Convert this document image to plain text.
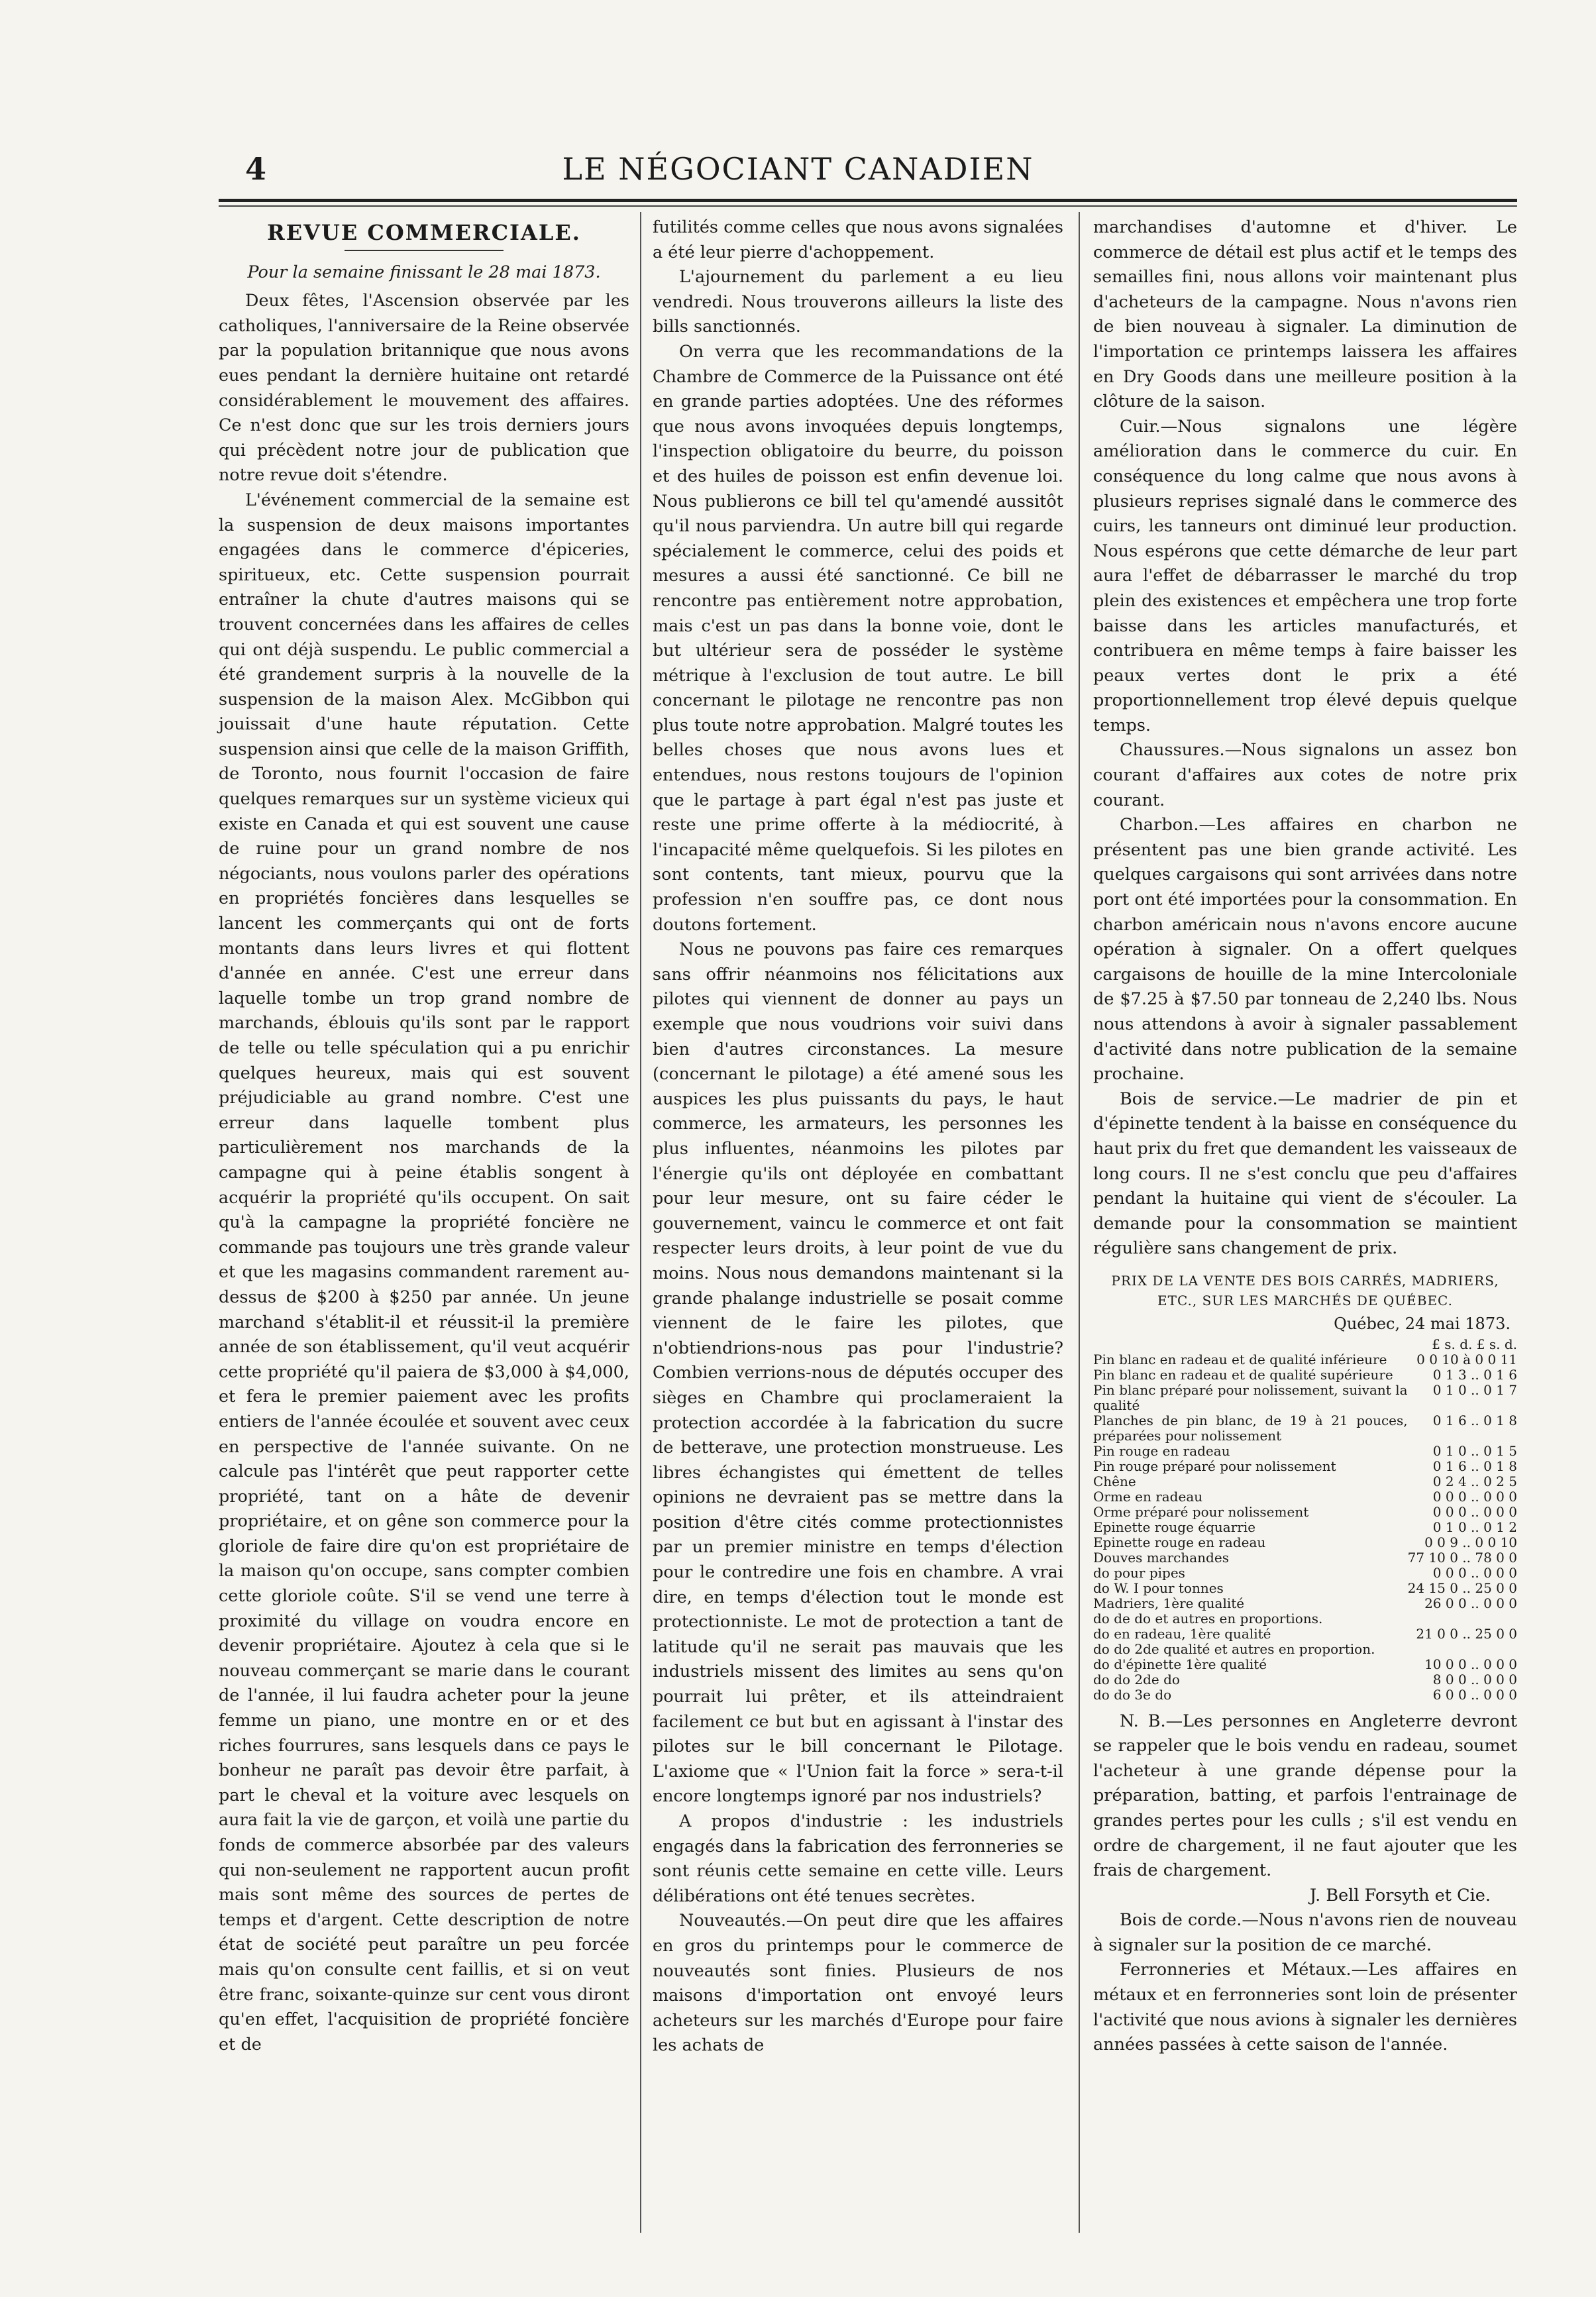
4	LE NÉGOCIANT CANADIEN
REVUE COMMERCIALE.
Pour la semaine finissant le 28 mai 1873.

Deux fêtes, l'Ascension observée par les catholiques, l'anniversaire de la Reine observée par la population britannique que nous avons eues pendant la dernière huitaine ont retardé considérablement le mouvement des affaires. Ce n'est donc que sur les trois derniers jours qui précèdent notre jour de publication que notre revue doit s'étendre.

L'événement commercial de la semaine est la suspension de deux maisons importantes engagées dans le commerce d'épiceries, spiritueux, etc. Cette suspension pourrait entraîner la chute d'autres maisons qui se trouvent concernées dans les affaires de celles qui ont déjà suspendu. Le public commercial a été grandement surpris à la nouvelle de la suspension de la maison Alex. McGibbon qui jouissait d'une haute réputation. Cette suspension ainsi que celle de la maison Griffith, de Toronto, nous fournit l'occasion de faire quelques remarques sur un système vicieux qui existe en Canada et qui est souvent une cause de ruine pour un grand nombre de nos négociants, nous voulons parler des opérations en propriétés foncières dans lesquelles se lancent les commerçants qui ont de forts montants dans leurs livres et qui flottent d'année en année. C'est une erreur dans laquelle tombe un trop grand nombre de marchands, éblouis qu'ils sont par le rapport de telle ou telle spéculation qui a pu enrichir quelques heureux, mais qui est souvent préjudiciable au grand nombre. C'est une erreur dans laquelle tombent plus particulièrement nos marchands de la campagne qui à peine établis songent à acquérir la propriété qu'ils occupent. On sait qu'à la campagne la propriété foncière ne commande pas toujours une très grande valeur et que les magasins commandent rarement au-dessus de $200 à $250 par année. Un jeune marchand s'établit-il et réussit-il la première année de son établissement, qu'il veut acquérir cette propriété qu'il paiera de $3,000 à $4,000, et fera le premier paiement avec les profits entiers de l'année écoulée et souvent avec ceux en perspective de l'année suivante. On ne calcule pas l'intérêt que peut rapporter cette propriété, tant on a hâte de devenir propriétaire, et on gêne son commerce pour la gloriole de faire dire qu'on est propriétaire de la maison qu'on occupe, sans compter combien cette gloriole coûte. S'il se vend une terre à proximité du village on voudra encore en devenir propriétaire. Ajoutez à cela que si le nouveau commerçant se marie dans le courant de l'année, il lui faudra acheter pour la jeune femme un piano, une montre en or et des riches fourrures, sans lesquels dans ce pays le bonheur ne paraît pas devoir être parfait, à part le cheval et la voiture avec lesquels on aura fait la vie de garçon, et voilà une partie du fonds de commerce absorbée par des valeurs qui non-seulement ne rapportent aucun profit mais sont même des sources de pertes de temps et d'argent. Cette description de notre état de société peut paraître un peu forcée mais qu'on consulte cent faillis, et si on veut être franc, soixante-quinze sur cent vous diront qu'en effet, l'acquisition de propriété foncière et de

futilités comme celles que nous avons signalées a été leur pierre d'achoppement.

L'ajournement du parlement a eu lieu vendredi. Nous trouverons ailleurs la liste des bills sanctionnés.

On verra que les recommandations de la Chambre de Commerce de la Puissance ont été en grande parties adoptées. Une des réformes que nous avons invoquées depuis longtemps, l'inspection obligatoire du beurre, du poisson et des huiles de poisson est enfin devenue loi. Nous publierons ce bill tel qu'amendé aussitôt qu'il nous parviendra. Un autre bill qui regarde spécialement le commerce, celui des poids et mesures a aussi été sanctionné. Ce bill ne rencontre pas entièrement notre approbation, mais c'est un pas dans la bonne voie, dont le but ultérieur sera de posséder le système métrique à l'exclusion de tout autre. Le bill concernant le pilotage ne rencontre pas non plus toute notre approbation. Malgré toutes les belles choses que nous avons lues et entendues, nous restons toujours de l'opinion que le partage à part égal n'est pas juste et reste une prime offerte à la médiocrité, à l'incapacité même quelquefois. Si les pilotes en sont contents, tant mieux, pourvu que la profession n'en souffre pas, ce dont nous doutons fortement.

Nous ne pouvons pas faire ces remarques sans offrir néanmoins nos félicitations aux pilotes qui viennent de donner au pays un exemple que nous voudrions voir suivi dans bien d'autres circonstances. La mesure (concernant le pilotage) a été amené sous les auspices les plus puissants du pays, le haut commerce, les armateurs, les personnes les plus influentes, néanmoins les pilotes par l'énergie qu'ils ont déployée en combattant pour leur mesure, ont su faire céder le gouvernement, vaincu le commerce et ont fait respecter leurs droits, à leur point de vue du moins. Nous nous demandons maintenant si la grande phalange industrielle se posait comme viennent de le faire les pilotes, que n'obtiendrions-nous pas pour l'industrie? Combien verrions-nous de députés occuper des sièges en Chambre qui proclameraient la protection accordée à la fabrication du sucre de betterave, une protection monstrueuse. Les libres échangistes qui émettent de telles opinions ne devraient pas se mettre dans la position d'être cités comme protectionnistes par un premier ministre en temps d'élection pour le contredire une fois en chambre. A vrai dire, en temps d'élection tout le monde est protectionniste. Le mot de protection a tant de latitude qu'il ne serait pas mauvais que les industriels missent des limites au sens qu'on pourrait lui prêter, et ils atteindraient facilement ce but but en agissant à l'instar des pilotes sur le bill concernant le Pilotage. L'axiome que « l'Union fait la force » sera-t-il encore longtemps ignoré par nos industriels?

A propos d'industrie : les industriels engagés dans la fabrication des ferronneries se sont réunis cette semaine en cette ville. Leurs délibérations ont été tenues secrètes.

Nouveautés.—On peut dire que les affaires en gros du printemps pour le commerce de nouveautés sont finies. Plusieurs de nos maisons d'importation ont envoyé leurs acheteurs sur les marchés d'Europe pour faire les achats de

marchandises d'automne et d'hiver. Le commerce de détail est plus actif et le temps des semailles fini, nous allons voir maintenant plus d'acheteurs de la campagne. Nous n'avons rien de bien nouveau à signaler. La diminution de l'importation ce printemps laissera les affaires en Dry Goods dans une meilleure position à la clôture de la saison.

Cuir.—Nous signalons une légère amélioration dans le commerce du cuir. En conséquence du long calme que nous avons à plusieurs reprises signalé dans le commerce des cuirs, les tanneurs ont diminué leur production. Nous espérons que cette démarche de leur part aura l'effet de débarrasser le marché du trop plein des existences et empêchera une trop forte baisse dans les articles manufacturés, et contribuera en même temps à faire baisser les peaux vertes dont le prix a été proportionnellement trop élevé depuis quelque temps.

Chaussures.—Nous signalons un assez bon courant d'affaires aux cotes de notre prix courant.

Charbon.—Les affaires en charbon ne présentent pas une bien grande activité. Les quelques cargaisons qui sont arrivées dans notre port ont été importées pour la consommation. En charbon américain nous n'avons encore aucune opération à signaler. On a offert quelques cargaisons de houille de la mine Intercoloniale de $7.25 à $7.50 par tonneau de 2,240 lbs. Nous nous attendons à avoir à signaler passablement d'activité dans notre publication de la semaine prochaine.

Bois de service.—Le madrier de pin et d'épinette tendent à la baisse en conséquence du haut prix du fret que demandent les vaisseaux de long cours. Il ne s'est conclu que peu d'affaires pendant la huitaine qui vient de s'écouler. La demande pour la consommation se maintient régulière sans changement de prix.

PRIX DE LA VENTE DES BOIS CARRÉS, MADRIERS, ETC., SUR LES MARCHÉS DE QUÉBEC.
Québec, 24 mai 1873.
	£ s. d. £ s. d.
Pin blanc en radeau et de qualité inférieure	0 0 10 à 0 0 11
Pin blanc en radeau et de qualité supérieure	0 1 3 .. 0 1 6
Pin blanc préparé pour nolissement, suivant la qualité	0 1 0 .. 0 1 7
Planches de pin blanc, de 19 à 21 pouces, préparées pour nolissement	0 1 6 .. 0 1 8
Pin rouge en radeau	0 1 0 .. 0 1 5
Pin rouge préparé pour nolissement	0 1 6 .. 0 1 8
Chêne	0 2 4 .. 0 2 5
Orme en radeau	0 0 0 .. 0 0 0
Orme préparé pour nolissement	0 0 0 .. 0 0 0
Epinette rouge équarrie	0 1 0 .. 0 1 2
Epinette rouge en radeau	0 0 9 .. 0 0 10
Douves marchandes	77 10 0 .. 78 0 0
do pour pipes	0 0 0 .. 0 0 0
do W. I pour tonnes	24 15 0 .. 25 0 0
Madriers, 1ère qualité	26 0 0 .. 0 0 0
do de do et autres en proportions.	
do en radeau, 1ère qualité	21 0 0 .. 25 0 0
do do 2de qualité et autres en proportion.	
do d'épinette 1ère qualité	10 0 0 .. 0 0 0
do do 2de do	8 0 0 .. 0 0 0
do do 3e do	6 0 0 .. 0 0 0

N. B.—Les personnes en Angleterre devront se rappeler que le bois vendu en radeau, soumet l'acheteur à une grande dépense pour la préparation, batting, et parfois l'entrainage de grandes pertes pour les culls ; s'il est vendu en ordre de chargement, il ne faut ajouter que les frais de chargement.

J. Bell Forsyth et Cie.

Bois de corde.—Nous n'avons rien de nouveau à signaler sur la position de ce marché.

Ferronneries et Métaux.—Les affaires en métaux et en ferronneries sont loin de présenter l'activité que nous avions à signaler les dernières années passées à cette saison de l'année.
